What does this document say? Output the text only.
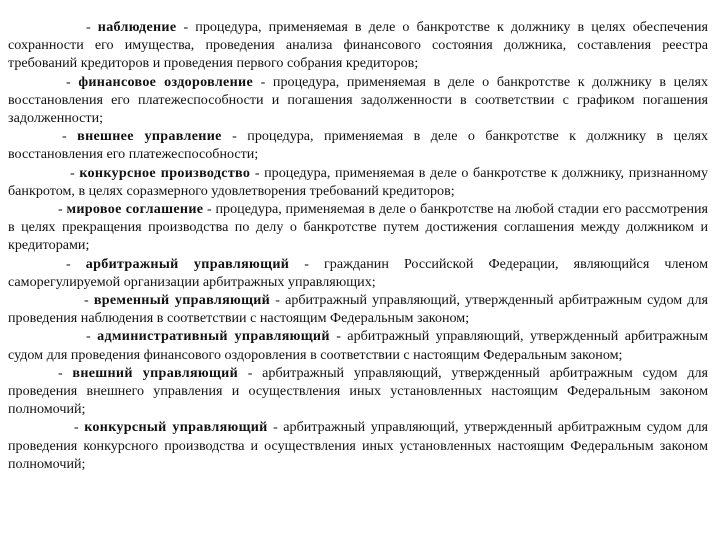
- наблюдение - процедура, применяемая в деле о банкротстве к должнику в целях обеспечения сохранности его имущества, проведения анализа финансового состояния должника, составления реестра требований кредиторов и проведения первого собрания кредиторов;

- финансовое оздоровление - процедура, применяемая в деле о банкротстве к должнику в целях восстановления его платежеспособности и погашения задолженности в соответствии с графиком погашения задолженности;

- внешнее управление - процедура, применяемая в деле о банкротстве к должнику в целях восстановления его платежеспособности;

- конкурсное производство - процедура, применяемая в деле о банкротстве к должнику, признанному банкротом, в целях соразмерного удовлетворения требований кредиторов;

- мировое соглашение - процедура, применяемая в деле о банкротстве на любой стадии его рассмотрения в целях прекращения производства по делу о банкротстве путем достижения соглашения между должником и кредиторами;

- арбитражный управляющий - гражданин Российской Федерации, являющийся членом саморегулируемой организации арбитражных управляющих;

- временный управляющий - арбитражный управляющий, утвержденный арбитражным судом для проведения наблюдения в соответствии с настоящим Федеральным законом;

- административный управляющий - арбитражный управляющий, утвержденный арбитражным судом для проведения финансового оздоровления в соответствии с настоящим Федеральным законом;

- внешний управляющий - арбитражный управляющий, утвержденный арбитражным судом для проведения внешнего управления и осуществления иных установленных настоящим Федеральным законом полномочий;

- конкурсный управляющий - арбитражный управляющий, утвержденный арбитражным судом для проведения конкурсного производства и осуществления иных установленных настоящим Федеральным законом полномочий;
